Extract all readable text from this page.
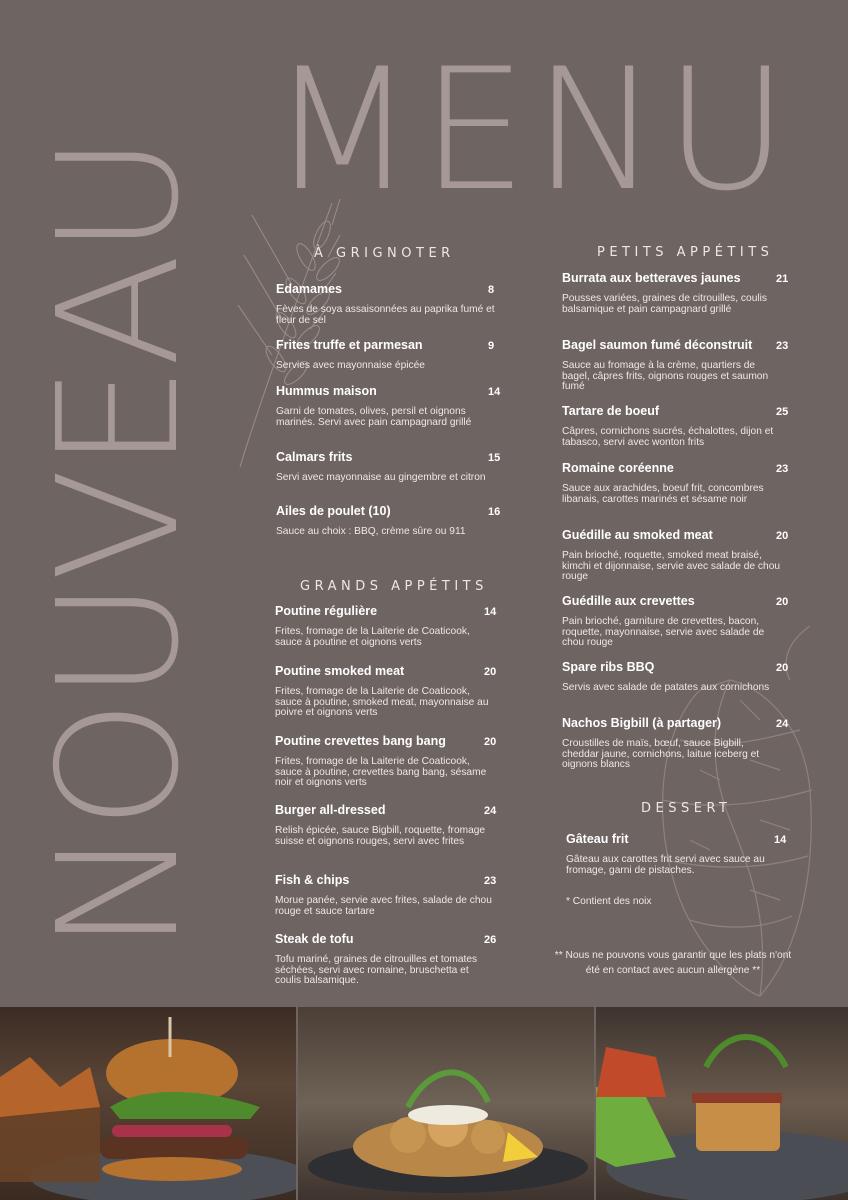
NOUVEAU
MENU
À GRIGNOTER
Edamames	8
Fèves de soya assaisonnées au paprika fumé et fleur de sel
Frites truffe et parmesan	9
Servies avec mayonnaise épicée
Hummus maison	14
Garni de tomates, olives, persil et oignons marinés. Servi avec pain campagnard grillé
Calmars frits	15
Servi avec mayonnaise au gingembre et citron
Ailes de poulet (10)	16
Sauce au choix : BBQ, crème sûre ou 911
GRANDS APPÉTITS
Poutine régulière	14
Frites, fromage de la Laiterie de Coaticook, sauce à poutine et oignons verts
Poutine smoked meat	20
Frites, fromage de la Laiterie de Coaticook, sauce à poutine, smoked meat, mayonnaise au poivre et oignons verts
Poutine crevettes bang bang	20
Frites, fromage de la Laiterie de Coaticook, sauce à poutine, crevettes bang bang, sésame noir et oignons verts
Burger all-dressed	24
Relish épicée, sauce Bigbill, roquette, fromage suisse et oignons rouges, servi avec frites
Fish & chips	23
Morue panée, servie avec frites, salade de chou rouge et sauce tartare
Steak de tofu	26
Tofu mariné, graines de citrouilles et tomates séchées, servi avec romaine, bruschetta et coulis balsamique.
PETITS APPÉTITS
Burrata aux betteraves jaunes	21
Pousses variées, graines de citrouilles, coulis balsamique et pain campagnard grillé
Bagel saumon fumé déconstruit	23
Sauce au fromage à la crème, quartiers de bagel, câpres frits, oignons rouges et saumon fumé
Tartare de boeuf	25
Câpres, cornichons sucrés, échalottes, dijon et tabasco, servi avec wonton frits
Romaine coréenne	23
Sauce aux arachides, boeuf frit, concombres libanais, carottes marinés et sésame noir
Guédille au smoked meat	20
Pain brioché, roquette, smoked meat braisé, kimchi et dijonnaise, servie avec salade de chou rouge
Guédille aux crevettes	20
Pain brioché, garniture de crevettes, bacon, roquette, mayonnaise, servie avec salade de chou rouge
Spare ribs BBQ	20
Servis avec salade de patates aux cornichons
Nachos Bigbill (à partager)	24
Croustilles de maïs, bœuf, sauce Bigbill, cheddar jaune, cornichons, laitue iceberg et oignons blancs
DESSERT
Gâteau frit	14
Gâteau aux carottes frit servi avec sauce au fromage, garni de pistaches.
* Contient des noix
** Nous ne pouvons vous garantir que les plats n'ont été en contact avec aucun allergène **
